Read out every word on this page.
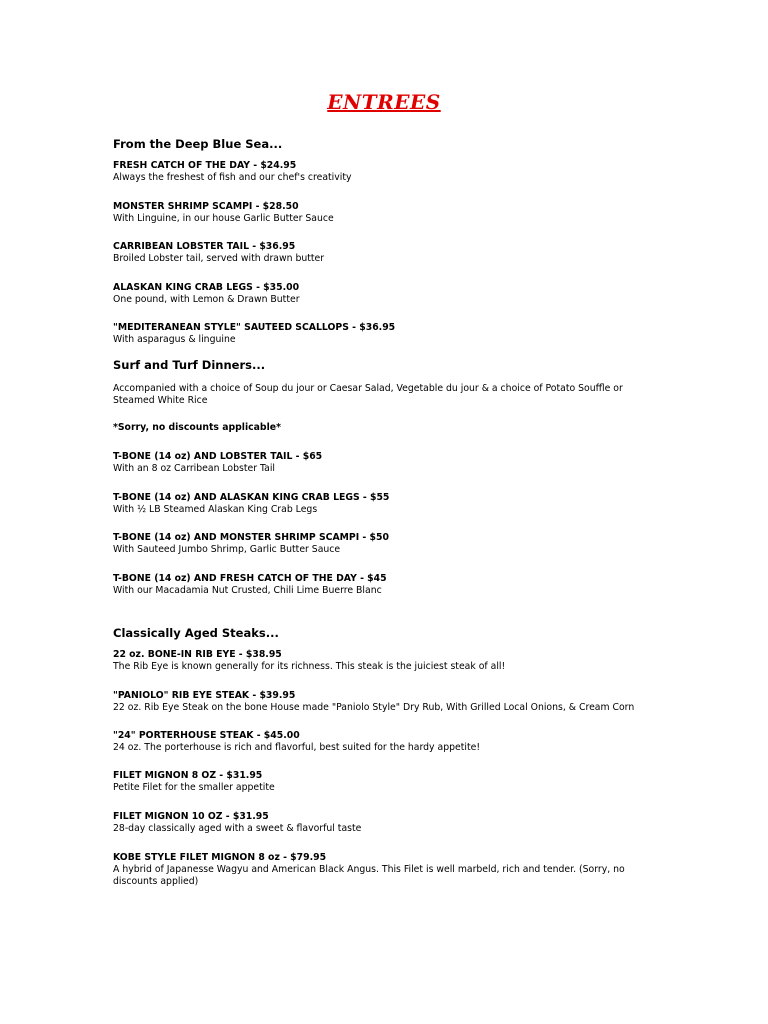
ENTREES
From the Deep Blue Sea...
FRESH CATCH OF THE DAY - $24.95
Always the freshest of fish and our chef's creativity
MONSTER SHRIMP SCAMPI - $28.50
With Linguine, in our house Garlic Butter Sauce
CARRIBEAN LOBSTER TAIL - $36.95
Broiled Lobster tail, served with drawn butter
ALASKAN KING CRAB LEGS - $35.00
One pound, with Lemon & Drawn Butter
"MEDITERANEAN STYLE" SAUTEED SCALLOPS - $36.95
With asparagus & linguine
Surf and Turf Dinners...
Accompanied with a choice of Soup du jour or Caesar Salad, Vegetable du jour & a choice of Potato Souffle or Steamed White Rice
*Sorry, no discounts applicable*
T-BONE (14 oz) AND LOBSTER TAIL - $65
With an 8 oz Carribean Lobster Tail
T-BONE (14 oz) AND ALASKAN KING CRAB LEGS - $55
With ½ LB Steamed Alaskan King Crab Legs
T-BONE (14 oz) AND MONSTER SHRIMP SCAMPI - $50
With Sauteed Jumbo Shrimp, Garlic Butter Sauce
T-BONE (14 oz) AND FRESH CATCH OF THE DAY - $45
With our Macadamia Nut Crusted, Chili Lime Buerre Blanc
Classically Aged Steaks...
22 oz. BONE-IN RIB EYE - $38.95
The Rib Eye is known generally for its richness. This steak is the juiciest steak of all!
"PANIOLO" RIB EYE STEAK - $39.95
22 oz. Rib Eye Steak on the bone House made "Paniolo Style" Dry Rub, With Grilled Local Onions, & Cream Corn
"24" PORTERHOUSE STEAK - $45.00
24 oz. The porterhouse is rich and flavorful, best suited for the hardy appetite!
FILET MIGNON 8 OZ - $31.95
Petite Filet for the smaller appetite
FILET MIGNON 10 OZ - $31.95
28-day classically aged with a sweet & flavorful taste
KOBE STYLE FILET MIGNON 8 oz - $79.95
A hybrid of Japanesse Wagyu and American Black Angus. This Filet is well marbeld, rich and tender. (Sorry, no discounts applied)
